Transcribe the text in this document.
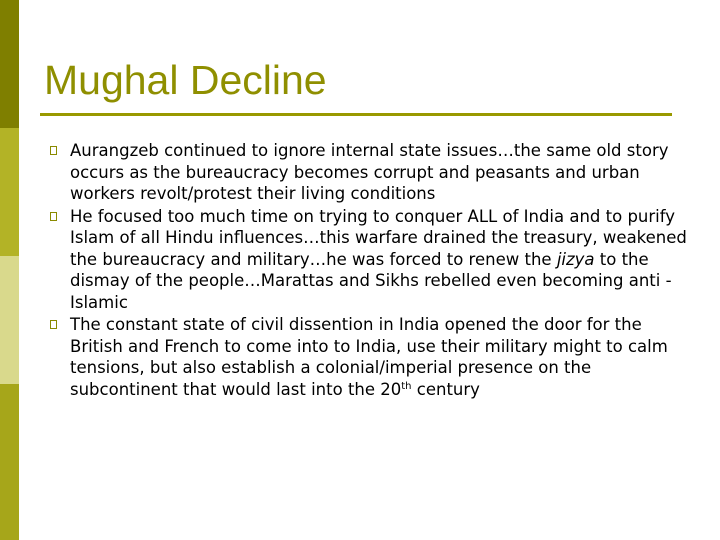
Mughal Decline
Aurangzeb continued to ignore internal state issues…the same old story occurs as the bureaucracy becomes corrupt and peasants and urban workers revolt/protest their living conditions
He focused too much time on trying to conquer ALL of India and to purify Islam of all Hindu influences…this warfare drained the treasury, weakened the bureaucracy and military…he was forced to renew the jizya to the dismay of the people…Marattas and Sikhs rebelled even becoming anti -Islamic
The constant state of civil dissention in India opened the door for the British and French to come into to India, use their military might to calm tensions, but also establish a colonial/imperial presence on the subcontinent that would last into the 20th century
